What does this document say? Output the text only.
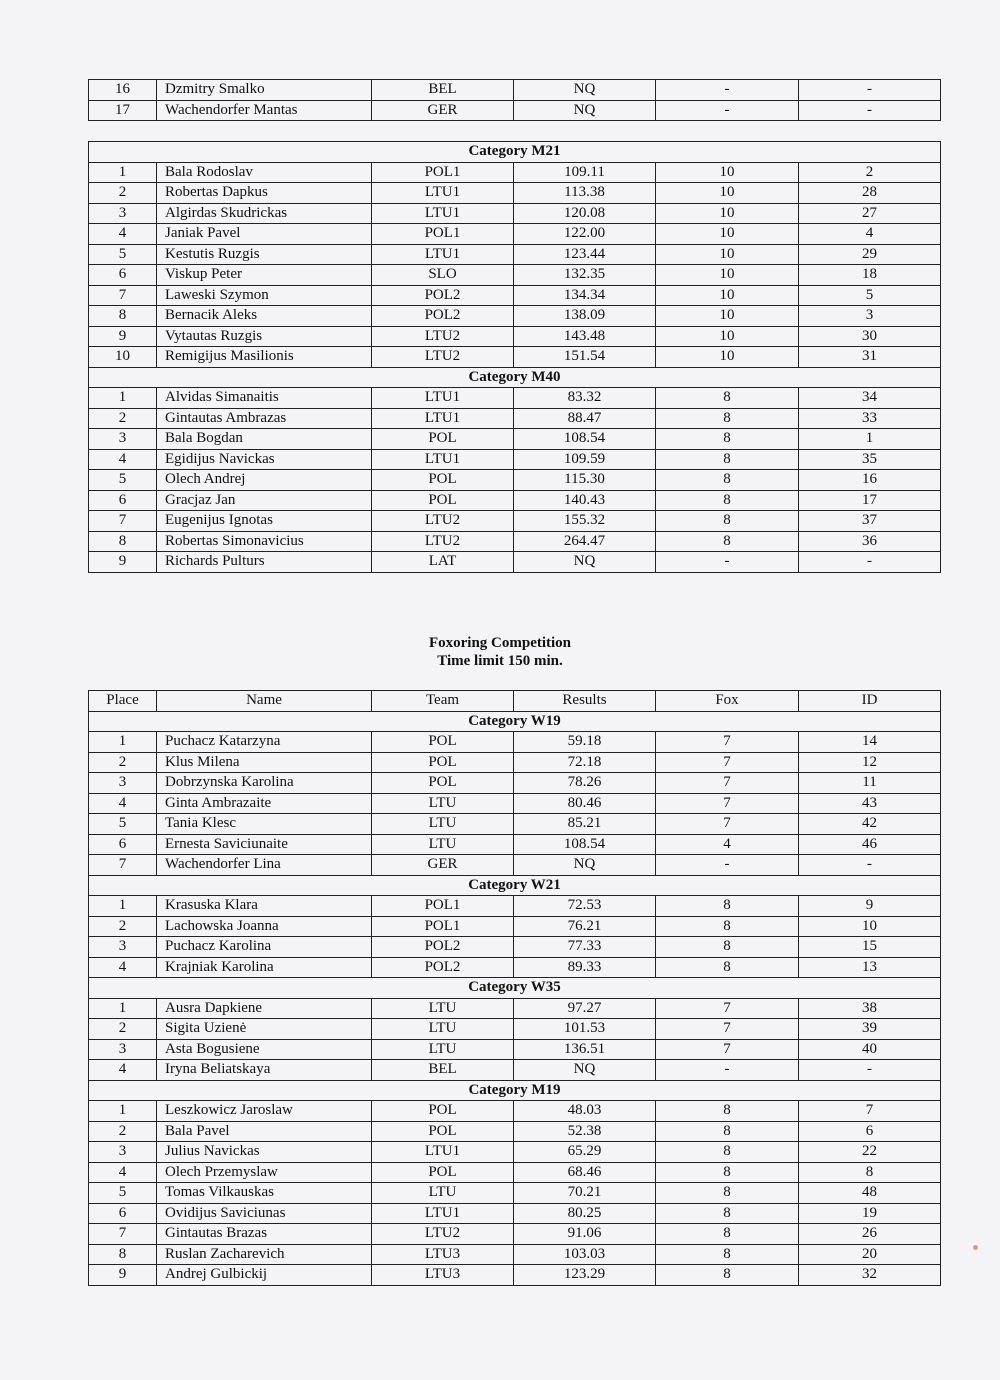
16	Dzmitry Smalko	BEL	NQ	-	-
17	Wachendorfer Mantas	GER	NQ	-	-
Category M21					
1	Bala Rodoslav	POL1	109.11	10	2
2	Robertas Dapkus	LTU1	113.38	10	28
3	Algirdas Skudrickas	LTU1	120.08	10	27
4	Janiak Pavel	POL1	122.00	10	4
5	Kestutis Ruzgis	LTU1	123.44	10	29
6	Viskup Peter	SLO	132.35	10	18
7	Laweski Szymon	POL2	134.34	10	5
8	Bernacik Aleks	POL2	138.09	10	3
9	Vytautas Ruzgis	LTU2	143.48	10	30
10	Remigijus Masilionis	LTU2	151.54	10	31
Category M40					
1	Alvidas Simanaitis	LTU1	83.32	8	34
2	Gintautas Ambrazas	LTU1	88.47	8	33
3	Bala Bogdan	POL	108.54	8	1
4	Egidijus Navickas	LTU1	109.59	8	35
5	Olech Andrej	POL	115.30	8	16
6	Gracjaz Jan	POL	140.43	8	17
7	Eugenijus Ignotas	LTU2	155.32	8	37
8	Robertas Simonavicius	LTU2	264.47	8	36
9	Richards Pulturs	LAT	NQ	-	-
Foxoring Competition
Time limit 150 min.
Place	Name	Team	Results	Fox	ID
Category W19					
1	Puchacz Katarzyna	POL	59.18	7	14
2	Klus Milena	POL	72.18	7	12
3	Dobrzynska Karolina	POL	78.26	7	11
4	Ginta Ambrazaite	LTU	80.46	7	43
5	Tania Klesc	LTU	85.21	7	42
6	Ernesta Saviciunaite	LTU	108.54	4	46
7	Wachendorfer Lina	GER	NQ	-	-
Category W21					
1	Krasuska Klara	POL1	72.53	8	9
2	Lachowska Joanna	POL1	76.21	8	10
3	Puchacz Karolina	POL2	77.33	8	15
4	Krajniak Karolina	POL2	89.33	8	13
Category W35					
1	Ausra Dapkiene	LTU	97.27	7	38
2	Sigita Uzienė	LTU	101.53	7	39
3	Asta Bogusiene	LTU	136.51	7	40
4	Iryna Beliatskaya	BEL	NQ	-	-
Category M19					
1	Leszkowicz Jaroslaw	POL	48.03	8	7
2	Bala Pavel	POL	52.38	8	6
3	Julius Navickas	LTU1	65.29	8	22
4	Olech Przemyslaw	POL	68.46	8	8
5	Tomas Vilkauskas	LTU	70.21	8	48
6	Ovidijus Saviciunas	LTU1	80.25	8	19
7	Gintautas Brazas	LTU2	91.06	8	26
8	Ruslan Zacharevich	LTU3	103.03	8	20
9	Andrej Gulbickij	LTU3	123.29	8	32
